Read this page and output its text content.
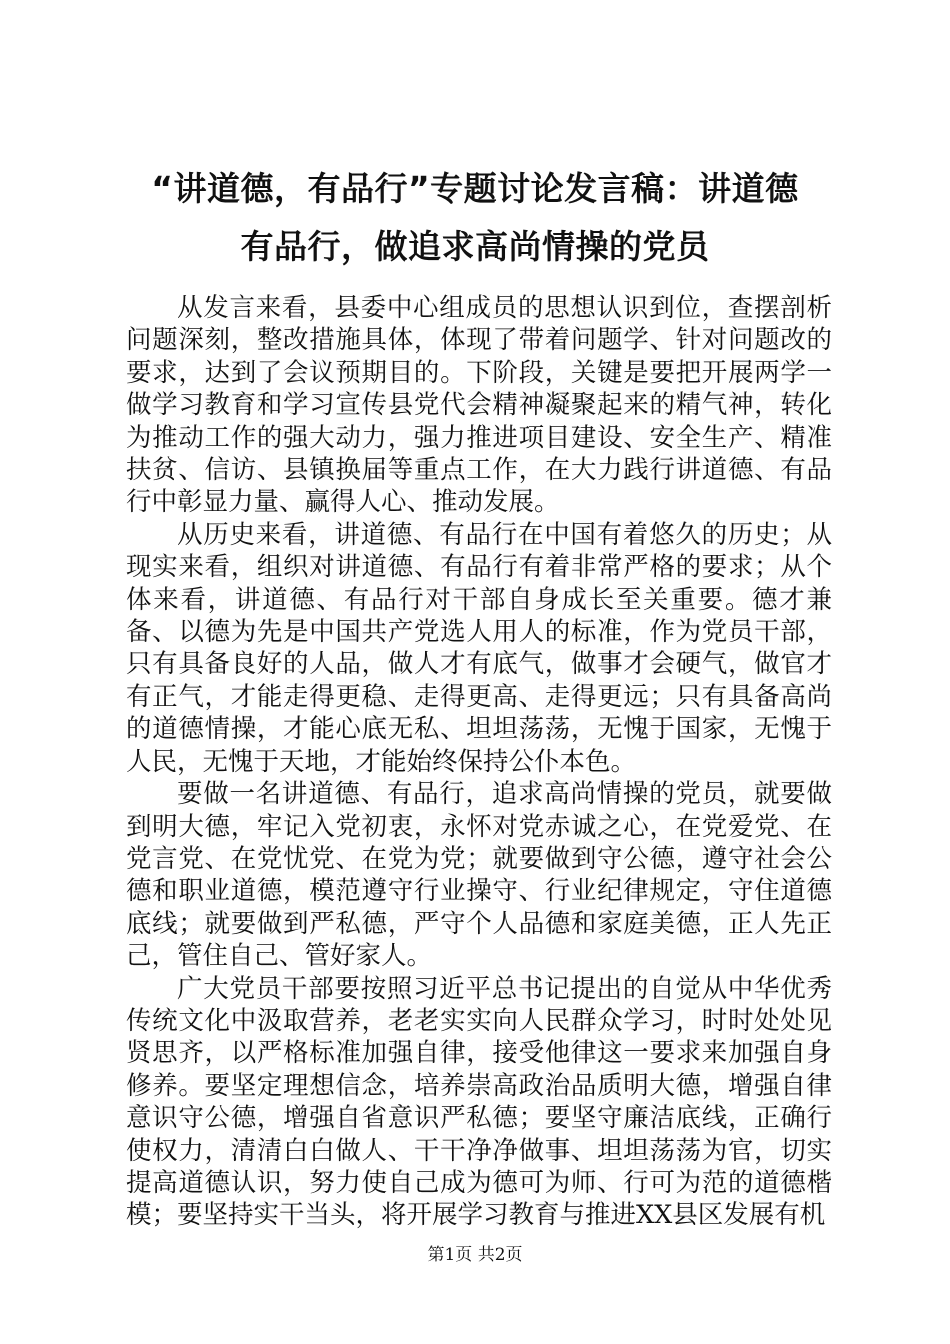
“讲道德，有品行”专题讨论发言稿：讲道德
有品行，做追求高尚情操的党员

从发言来看，县委中心组成员的思想认识到位，查摆剖析问题深刻，整改措施具体，体现了带着问题学、针对问题改的要求，达到了会议预期目的。下阶段，关键是要把开展两学一做学习教育和学习宣传县党代会精神凝聚起来的精气神，转化为推动工作的强大动力，强力推进项目建设、安全生产、精准扶贫、信访、县镇换届等重点工作，在大力践行讲道德、有品行中彰显力量、赢得人心、推动发展。

从历史来看，讲道德、有品行在中国有着悠久的历史；从现实来看，组织对讲道德、有品行有着非常严格的要求；从个体来看，讲道德、有品行对干部自身成长至关重要。德才兼备、以德为先是中国共产党选人用人的标准，作为党员干部，只有具备良好的人品，做人才有底气，做事才会硬气，做官才有正气，才能走得更稳、走得更高、走得更远；只有具备高尚的道德情操，才能心底无私、坦坦荡荡，无愧于国家，无愧于人民，无愧于天地，才能始终保持公仆本色。

要做一名讲道德、有品行，追求高尚情操的党员，就要做到明大德，牢记入党初衷，永怀对党赤诚之心，在党爱党、在党言党、在党忧党、在党为党；就要做到守公德，遵守社会公德和职业道德，模范遵守行业操守、行业纪律规定，守住道德底线；就要做到严私德，严守个人品德和家庭美德，正人先正己，管住自己、管好家人。

广大党员干部要按照习近平总书记提出的自觉从中华优秀传统文化中汲取营养，老老实实向人民群众学习，时时处处见贤思齐，以严格标准加强自律，接受他律这一要求来加强自身修养。要坚定理想信念，培养崇高政治品质明大德，增强自律意识守公德，增强自省意识严私德；要坚守廉洁底线，正确行使权力，清清白白做人、干干净净做事、坦坦荡荡为官，切实提高道德认识，努力使自己成为德可为师、行可为范的道德楷模；要坚持实干当头，将开展学习教育与推进XX县区发展有机

第1页 共2页
